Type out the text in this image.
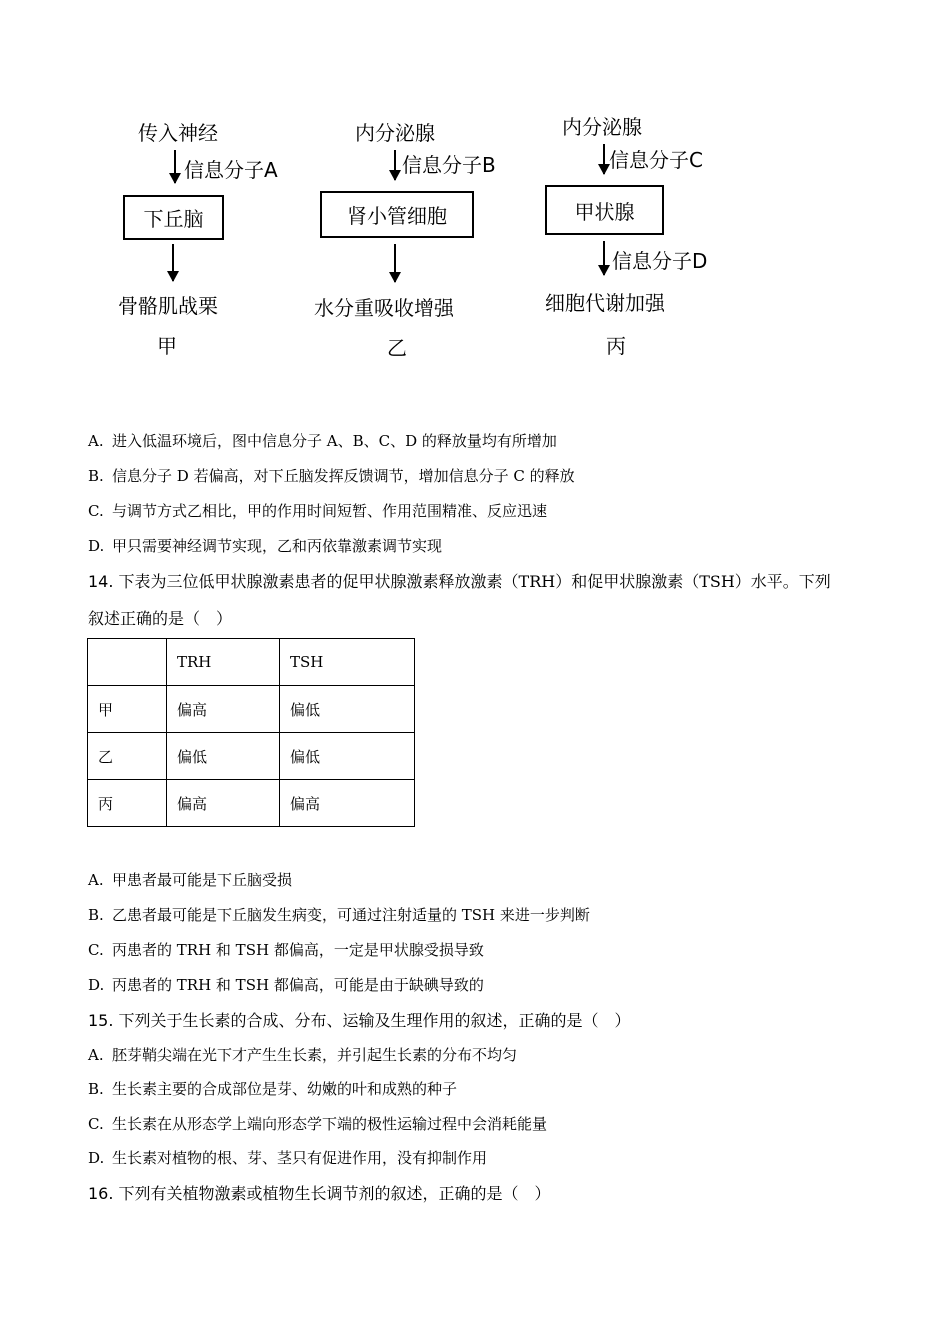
传入神经
信息分子A
下丘脑
骨骼肌战栗
甲
内分泌腺
信息分子B
肾小管细胞
水分重吸收增强
乙
内分泌腺
信息分子C
甲状腺
信息分子D
细胞代谢加强
丙
A. 进入低温环境后，图中信息分子 A、B、C、D 的释放量均有所增加
B. 信息分子 D 若偏高，对下丘脑发挥反馈调节，增加信息分子 C 的释放
C. 与调节方式乙相比，甲的作用时间短暂、作用范围精准、反应迅速
D. 甲只需要神经调节实现，乙和丙依靠激素调节实现
14. 下表为三位低甲状腺激素患者的促甲状腺激素释放激素（TRH）和促甲状腺激素（TSH）水平。下列
叙述正确的是（　）
	TRH	TSH
甲	偏高	偏低
乙	偏低	偏低
丙	偏高	偏高
A. 甲患者最可能是下丘脑受损
B. 乙患者最可能是下丘脑发生病变，可通过注射适量的 TSH 来进一步判断
C. 丙患者的 TRH 和 TSH 都偏高，一定是甲状腺受损导致
D. 丙患者的 TRH 和 TSH 都偏高，可能是由于缺碘导致的
15. 下列关于生长素的合成、分布、运输及生理作用的叙述，正确的是（　）
A. 胚芽鞘尖端在光下才产生生长素，并引起生长素的分布不均匀
B. 生长素主要的合成部位是芽、幼嫩的叶和成熟的种子
C. 生长素在从形态学上端向形态学下端的极性运输过程中会消耗能量
D. 生长素对植物的根、芽、茎只有促进作用，没有抑制作用
16. 下列有关植物激素或植物生长调节剂的叙述，正确的是（　）
